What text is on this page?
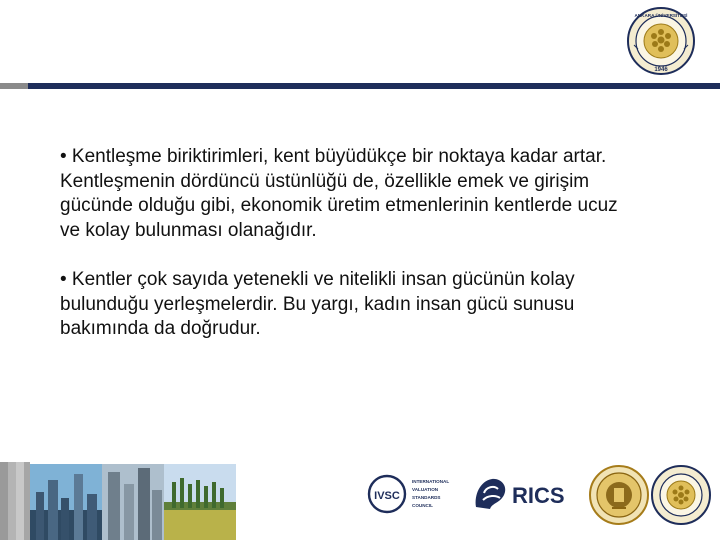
1946
ANKARA ÜNİVERSİTESİ

• Kentleşme biriktirimleri, kent büyüdükçe bir noktaya kadar artar. Kentleşmenin dördüncü üstünlüğü de, özellikle emek ve girişim gücünde olduğu gibi, ekonomik üretim etmenlerinin kentlerde ucuz ve kolay bulunması olanağıdır.

• Kentler çok sayıda yetenekli ve nitelikli insan gücünün kolay bulunduğu yerleşmelerdir. Bu yargı, kadın insan gücü sunusu bakımında da doğrudur.

IVSC
INTERNATIONAL
VALUATION
STANDARDS
COUNCIL	RICS
